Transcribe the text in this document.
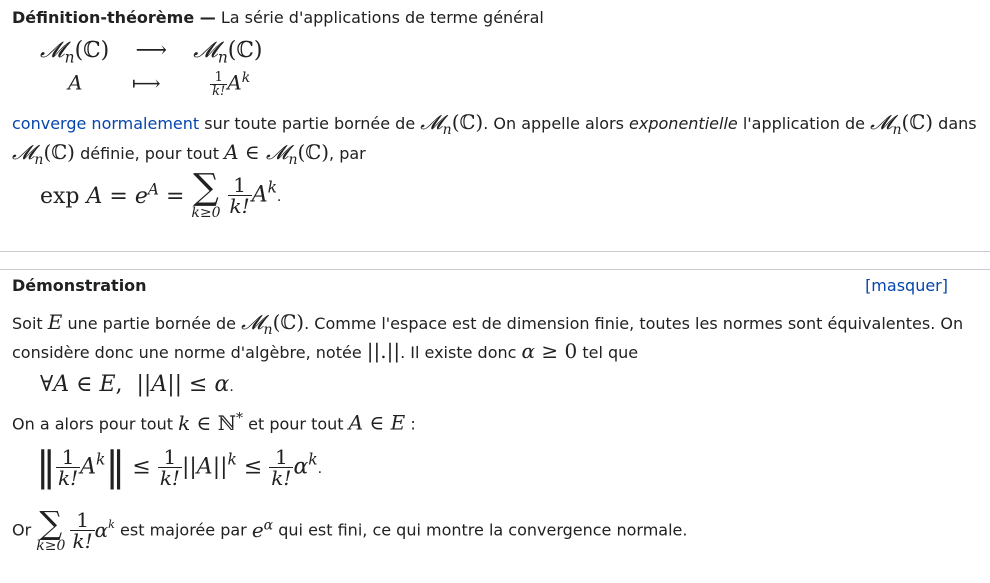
Définition-théorème — La série d'applications de terme général
𝓜$_n$(ℂ) ⟶ 𝓜$_n$(ℂ)
A ⟼	$\frac{1}{k!} A^k$
converge normalement sur toute partie bornée de 𝓜$_n$(ℂ). On appelle alors exponentielle l'application de 𝓜$_n$(ℂ) dans
𝓜$_n$(ℂ) définie, pour tout A ∈ 𝓜$_n$(ℂ), par
$\exp A = e^A$ = ∑
k≥0
$\frac{1}{k!} A^k$.
Démonstration	[masquer]
Soit E une partie bornée de 𝓜$_n$(ℂ). Comme l'espace est de dimension finie, toutes les normes sont équivalentes. On
considère donc une norme d'algèbre, notée ||.||. Il existe donc α ≥ 0 tel que
∀A ∈ E,  ||A|| ≤ α.
On a alors pour tout k ∈ ℕ* et pour tout A ∈ E :
‖ $\frac{1}{k!}$ $A^k‖ \le \frac{1}{k!} ||A||^k \le \frac{1}{k!} \alpha^k$.
Or ∑
k≥0
$\frac{1}{k!} \alpha^k$ est majorée par $e^\alpha$ qui est fini, ce qui montre la convergence normale.
